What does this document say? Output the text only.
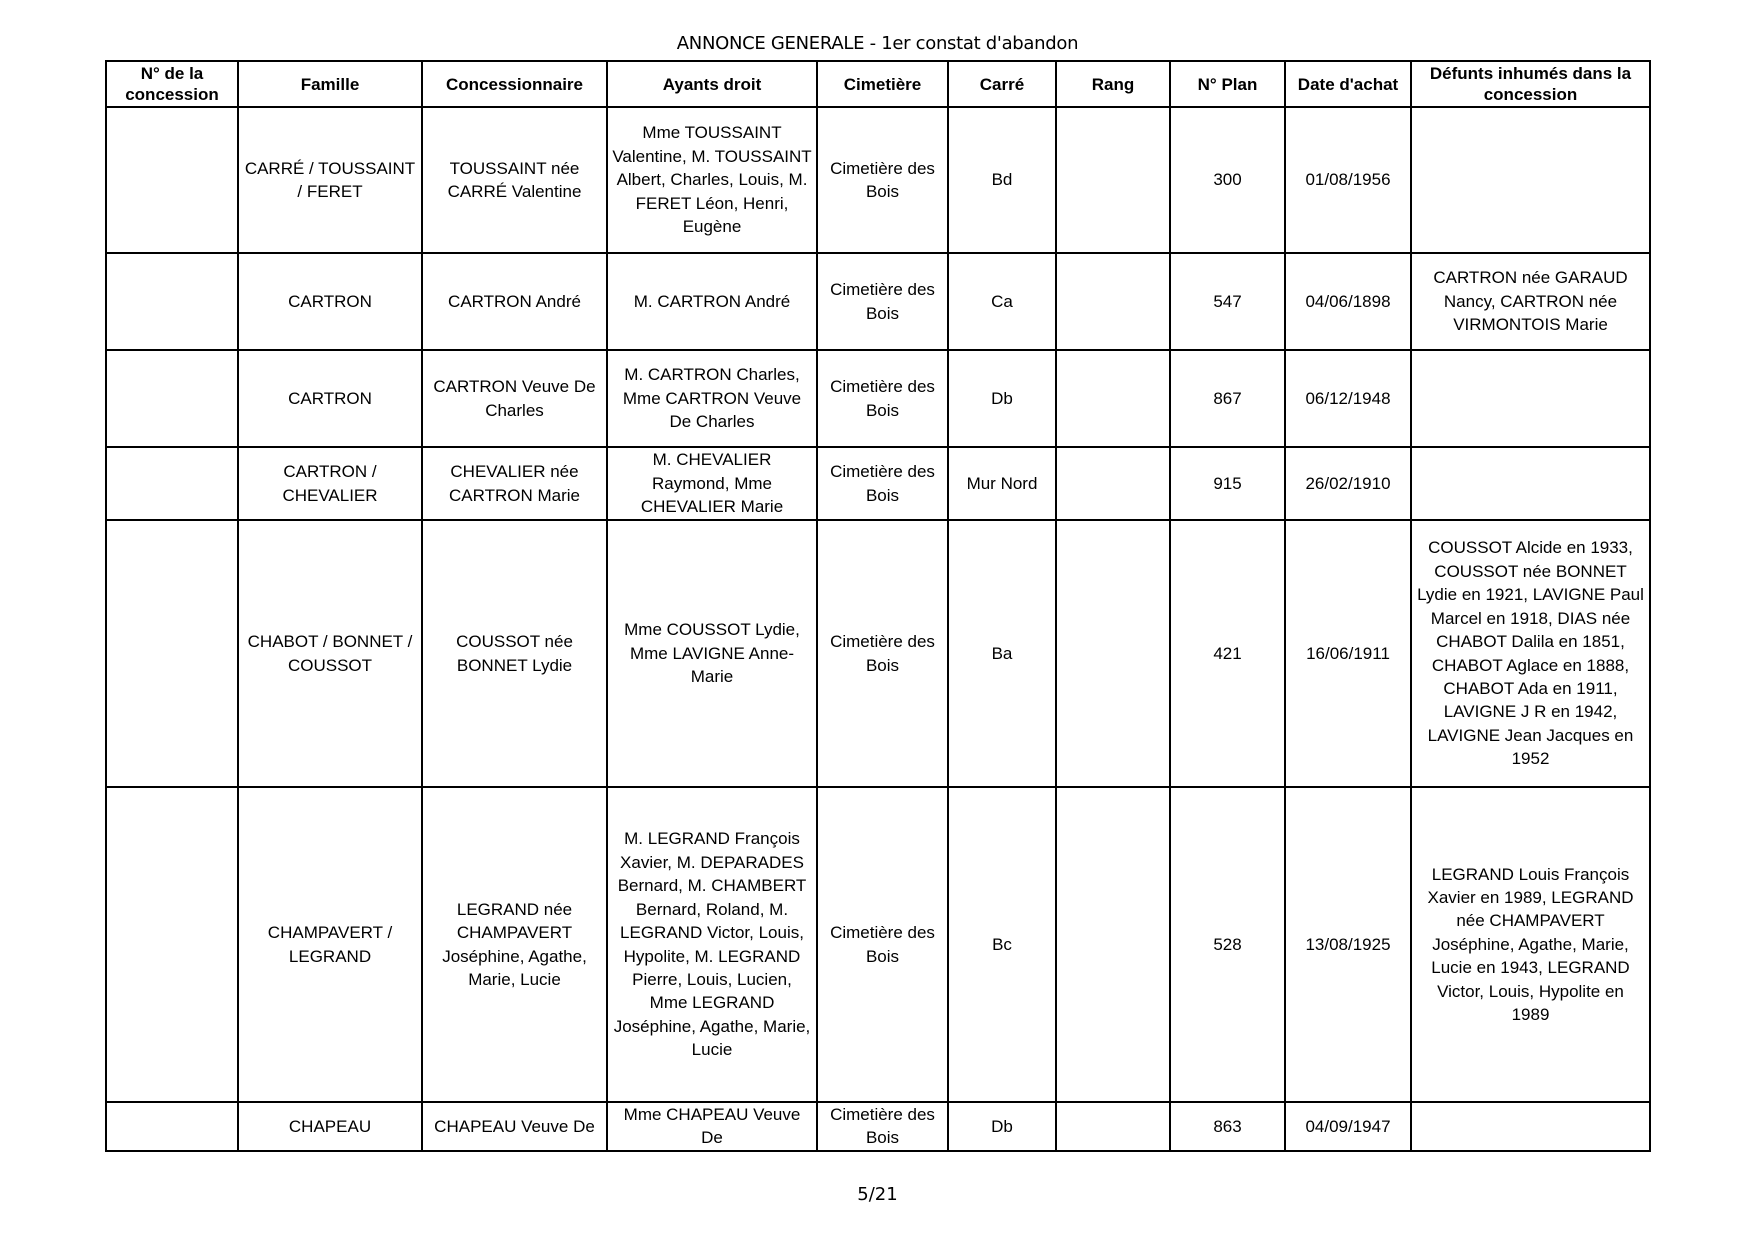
ANNONCE GENERALE - 1er constat d'abandon
N° de la concession	Famille	Concessionnaire	Ayants droit	Cimetière	Carré	Rang	N° Plan	Date d'achat	Défunts inhumés dans la concession
	CARRÉ / TOUSSAINT / FERET	TOUSSAINT née CARRÉ Valentine	Mme TOUSSAINT Valentine, M. TOUSSAINT Albert, Charles, Louis, M. FERET Léon, Henri, Eugène	Cimetière des Bois	Bd		300	01/08/1956	
	CARTRON	CARTRON André	M. CARTRON André	Cimetière des Bois	Ca		547	04/06/1898	CARTRON née GARAUD Nancy, CARTRON née VIRMONTOIS Marie
	CARTRON	CARTRON Veuve De Charles	M. CARTRON Charles, Mme CARTRON Veuve De Charles	Cimetière des Bois	Db		867	06/12/1948	
	CARTRON / CHEVALIER	CHEVALIER née CARTRON Marie	M. CHEVALIER Raymond, Mme CHEVALIER Marie	Cimetière des Bois	Mur Nord		915	26/02/1910	
	CHABOT / BONNET / COUSSOT	COUSSOT née BONNET Lydie	Mme COUSSOT Lydie, Mme LAVIGNE Anne-Marie	Cimetière des Bois	Ba		421	16/06/1911	COUSSOT Alcide en 1933, COUSSOT née BONNET Lydie en 1921, LAVIGNE Paul Marcel en 1918, DIAS née CHABOT Dalila en 1851, CHABOT Aglace en 1888, CHABOT Ada en 1911, LAVIGNE J R en 1942, LAVIGNE Jean Jacques en 1952
	CHAMPAVERT / LEGRAND	LEGRAND née CHAMPAVERT Joséphine, Agathe, Marie, Lucie	M. LEGRAND François Xavier, M. DEPARADES Bernard, M. CHAMBERT Bernard, Roland, M. LEGRAND Victor, Louis, Hypolite, M. LEGRAND Pierre, Louis, Lucien, Mme LEGRAND Joséphine, Agathe, Marie, Lucie	Cimetière des Bois	Bc		528	13/08/1925	LEGRAND Louis François Xavier en 1989, LEGRAND née CHAMPAVERT Joséphine, Agathe, Marie, Lucie en 1943, LEGRAND Victor, Louis, Hypolite en 1989
	CHAPEAU	CHAPEAU Veuve De	Mme CHAPEAU Veuve De	Cimetière des Bois	Db		863	04/09/1947	
5/21
